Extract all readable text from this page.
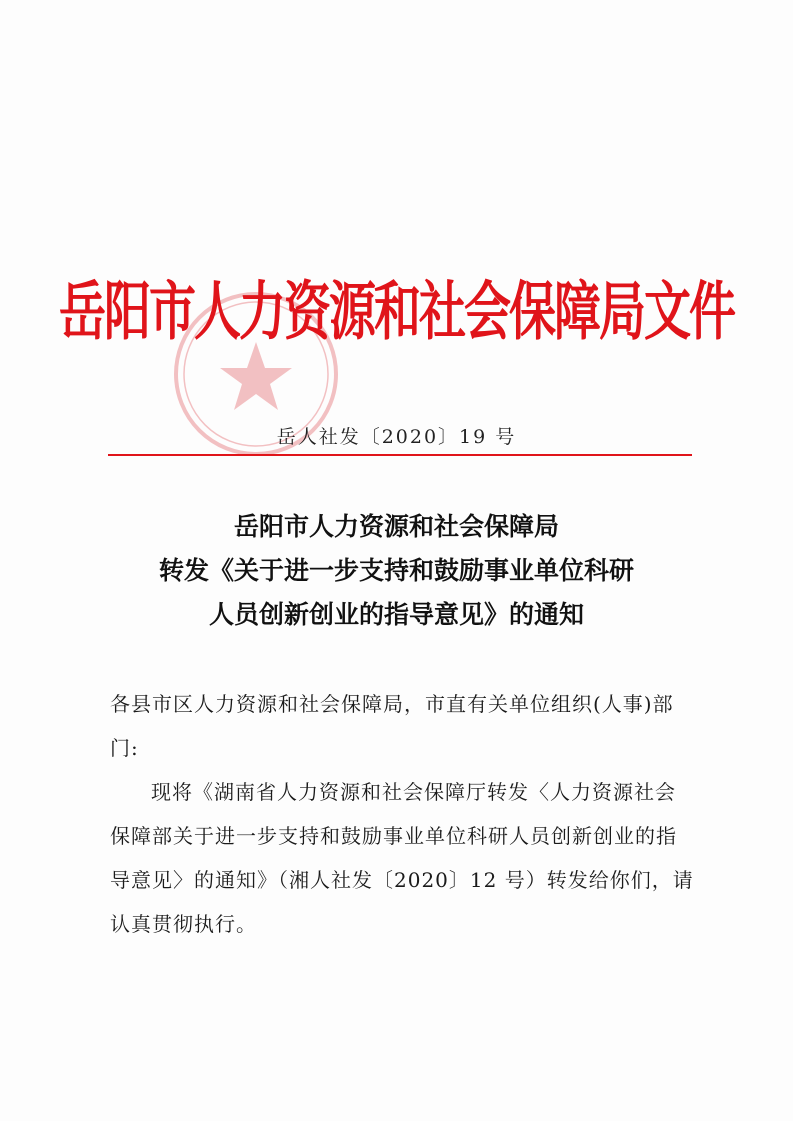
岳阳市人力资源和社会保障局文件
岳人社发〔2020〕19 号
岳阳市人力资源和社会保障局
转发《关于进一步支持和鼓励事业单位科研
人员创新创业的指导意见》的通知
各县市区人力资源和社会保障局，市直有关单位组织(人事)部
门:
现将《湖南省人力资源和社会保障厅转发〈人力资源社会
保障部关于进一步支持和鼓励事业单位科研人员创新创业的指
导意见〉的通知》（湘人社发〔2020〕12 号）转发给你们，请
认真贯彻执行。
